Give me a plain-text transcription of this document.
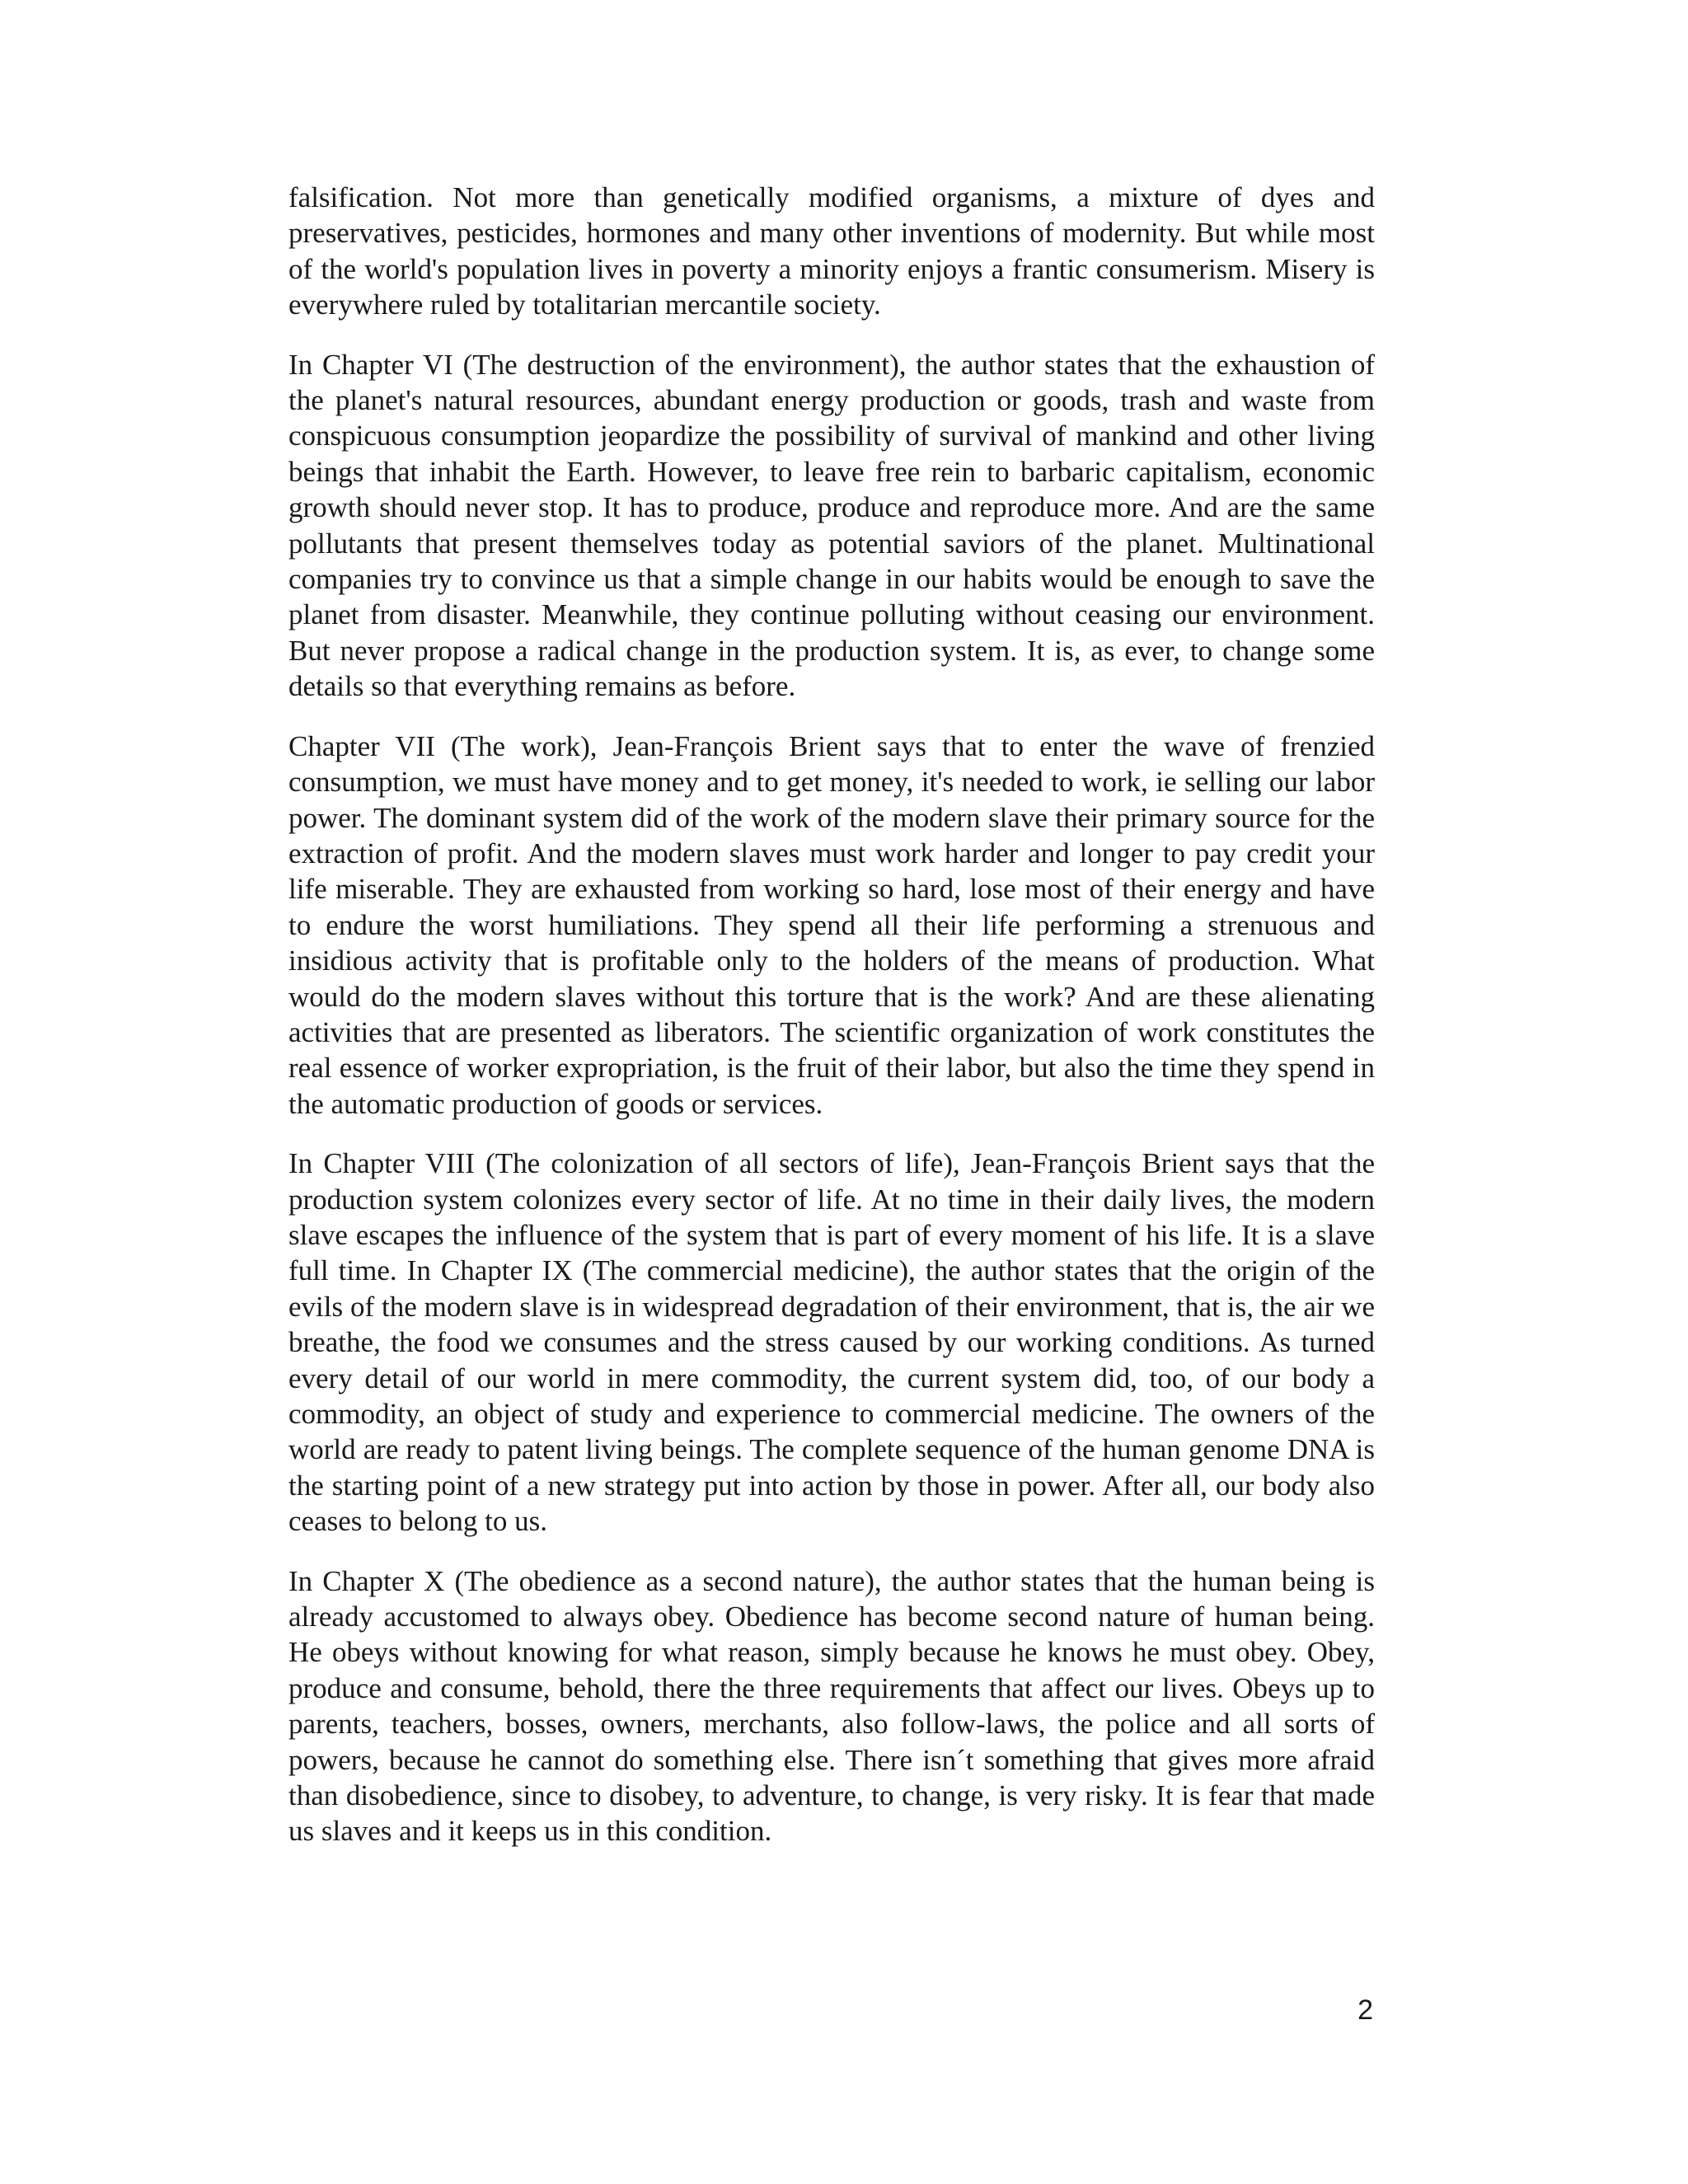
falsification. Not more than genetically modified organisms, a mixture of dyes and preservatives, pesticides, hormones and many other inventions of modernity. But while most of the world's population lives in poverty a minority enjoys a frantic consumerism. Misery is everywhere ruled by totalitarian mercantile society.

In Chapter VI (The destruction of the environment), the author states that the exhaustion of the planet's natural resources, abundant energy production or goods, trash and waste from conspicuous consumption jeopardize the possibility of survival of mankind and other living beings that inhabit the Earth. However, to leave free rein to barbaric capitalism, economic growth should never stop. It has to produce, produce and reproduce more. And are the same pollutants that present themselves today as potential saviors of the planet. Multinational companies try to convince us that a simple change in our habits would be enough to save the planet from disaster. Meanwhile, they continue polluting without ceasing our environment. But never propose a radical change in the production system. It is, as ever, to change some details so that everything remains as before.

Chapter VII (The work), Jean-François Brient says that to enter the wave of frenzied consumption, we must have money and to get money, it's needed to work, ie selling our labor power. The dominant system did of the work of the modern slave their primary source for the extraction of profit. And the modern slaves must work harder and longer to pay credit your life miserable. They are exhausted from working so hard, lose most of their energy and have to endure the worst humiliations. They spend all their life performing a strenuous and insidious activity that is profitable only to the holders of the means of production. What would do the modern slaves without this torture that is the work? And are these alienating activities that are presented as liberators. The scientific organization of work constitutes the real essence of worker expropriation, is the fruit of their labor, but also the time they spend in the automatic production of goods or services.

In Chapter VIII (The colonization of all sectors of life), Jean-François Brient says that the production system colonizes every sector of life. At no time in their daily lives, the modern slave escapes the influence of the system that is part of every moment of his life. It is a slave full time. In Chapter IX (The commercial medicine), the author states that the origin of the evils of the modern slave is in widespread degradation of their environment, that is, the air we breathe, the food we consumes and the stress caused by our working conditions. As turned every detail of our world in mere commodity, the current system did, too, of our body a commodity, an object of study and experience to commercial medicine. The owners of the world are ready to patent living beings. The complete sequence of the human genome DNA is the starting point of a new strategy put into action by those in power. After all, our body also ceases to belong to us.

In Chapter X (The obedience as a second nature), the author states that the human being is already accustomed to always obey. Obedience has become second nature of human being. He obeys without knowing for what reason, simply because he knows he must obey. Obey, produce and consume, behold, there the three requirements that affect our lives. Obeys up to parents, teachers, bosses, owners, merchants, also follow-laws, the police and all sorts of powers, because he cannot do something else. There isn´t something that gives more afraid than disobedience, since to disobey, to adventure, to change, is very risky. It is fear that made us slaves and it keeps us in this condition.

2
